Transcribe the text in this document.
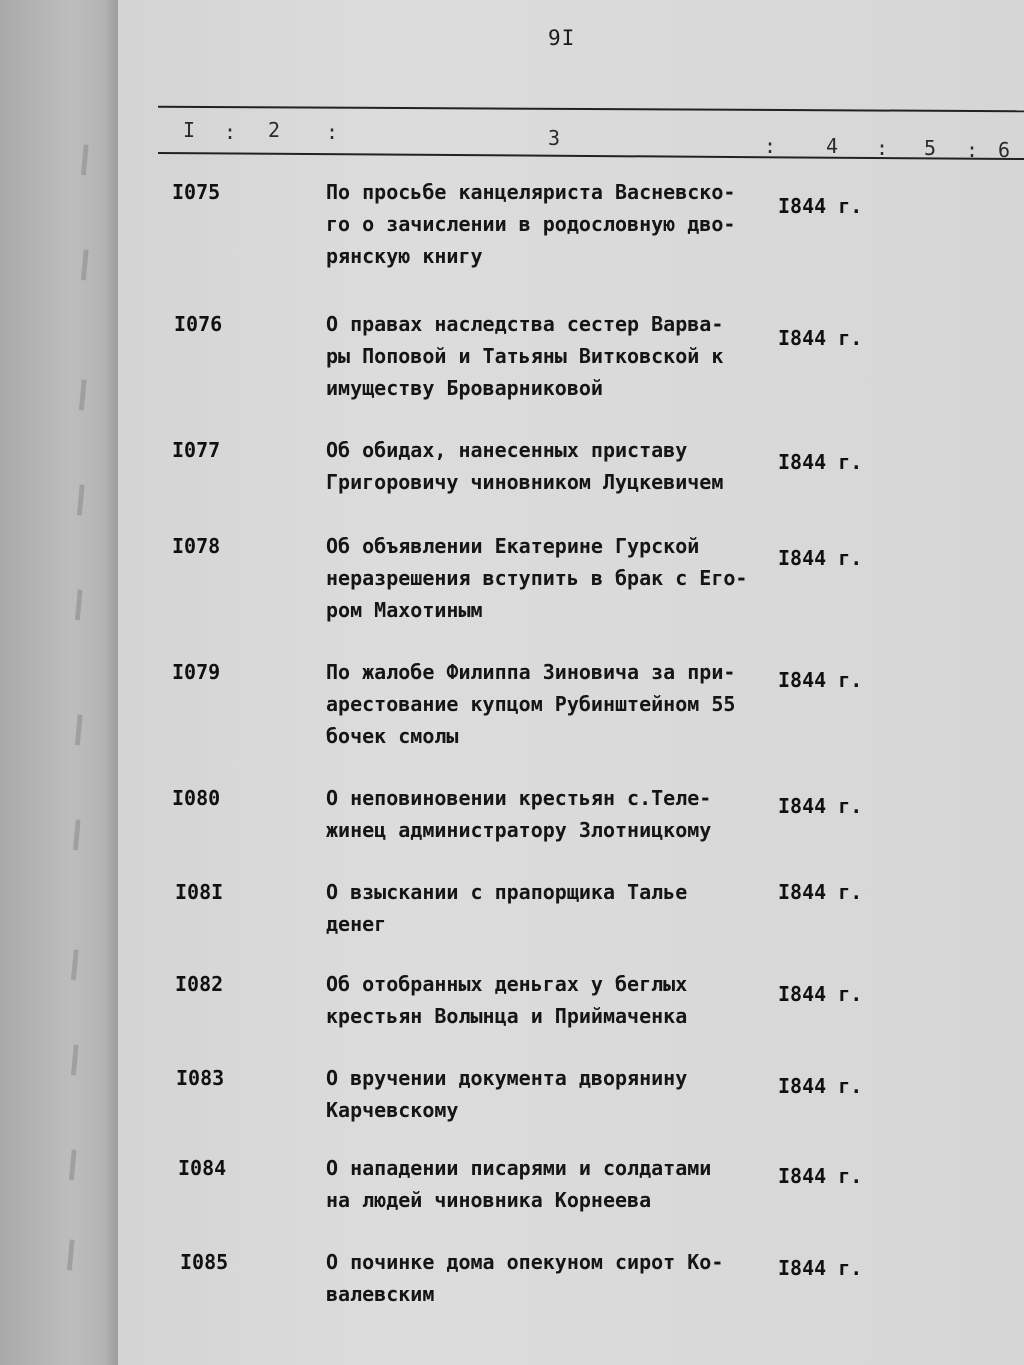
▬▬▬
▬▬▬
▬▬▬
▬▬▬
▬▬▬
▬▬▬
▬▬▬
▬▬▬
▬▬▬
▬▬▬
▬▬▬
9I
I : 2 :	3	: 4 : 5 : 6
I075	По просьбе канцеляриста Васневско-
го о зачислении в родословную дво-
рянскую книгу
I844 г.
I076	О правах наследства сестер Варва-
ры Поповой и Татьяны Витковской к
имуществу Броварниковой
I844 г.
I077	Об обидах, нанесенных приставу
Григоровичу чиновником Луцкевичем
I844 г.
I078	Об объявлении Екатерине Гурской
неразрешения вступить в брак с Его-
ром Махотиным
I844 г.
I079	По жалобе Филиппа Зиновича за при-
арестование купцом Рубинштейном 55
бочек смолы
I844 г.
I080	О неповиновении крестьян с.Теле-
жинец администратору Злотницкому
I844 г.
I08I	О взыскании с прапорщика Талье
денег
I844 г.
I082	Об отобранных деньгах у беглых
крестьян Волынца и Приймаченка
I844 г.
I083	О вручении документа дворянину
Карчевскому
I844 г.
I084	О нападении писарями и солдатами
на людей чиновника Корнеева
I844 г.
I085	О починке дома опекуном сирот Ко-
валевским
I844 г.
